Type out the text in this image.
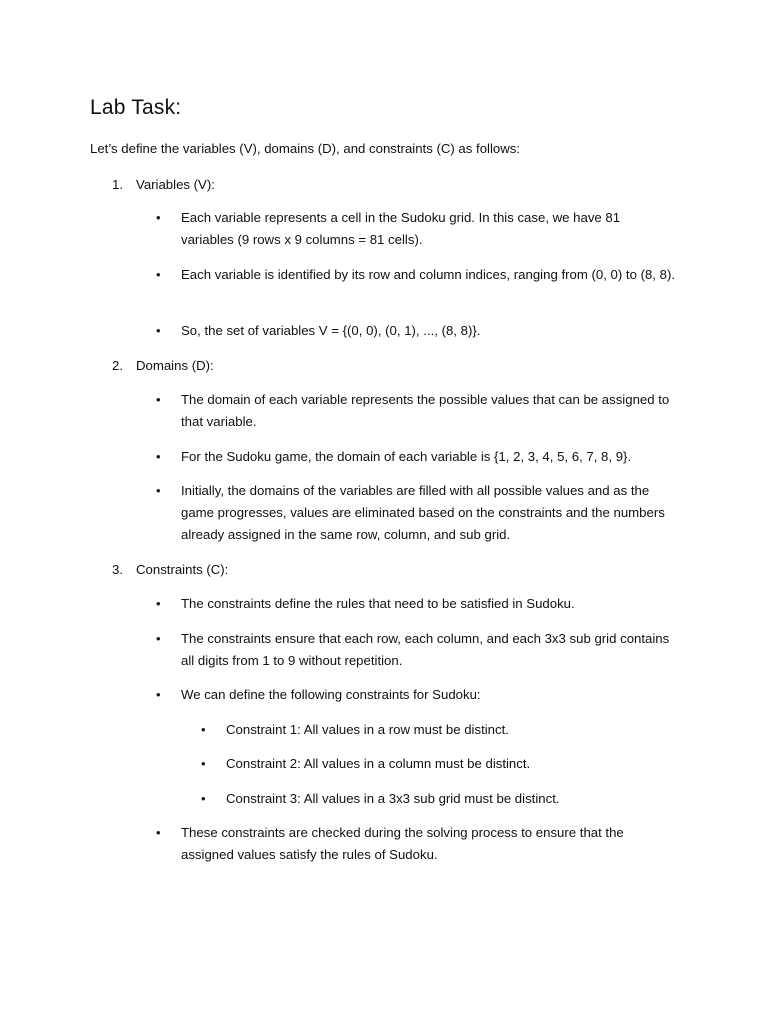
Lab Task:
Let’s define the variables (V), domains (D), and constraints (C) as follows:
1. Variables (V):
•	Each variable represents a cell in the Sudoku grid. In this case, we have 81 variables (9 rows x 9 columns = 81 cells).
•	Each variable is identified by its row and column indices, ranging from (0, 0) to (8, 8).
•	So, the set of variables V = {(0, 0), (0, 1), ..., (8, 8)}.
2. Domains (D):
•	The domain of each variable represents the possible values that can be assigned to that variable.
•	For the Sudoku game, the domain of each variable is {1, 2, 3, 4, 5, 6, 7, 8, 9}.
•	Initially, the domains of the variables are filled with all possible values and as the game progresses, values are eliminated based on the constraints and the numbers already assigned in the same row, column, and sub grid.
3. Constraints (C):
•	The constraints define the rules that need to be satisfied in Sudoku.
•	The constraints ensure that each row, each column, and each 3x3 sub grid contains all digits from 1 to 9 without repetition.
•	We can define the following constraints for Sudoku:
•	Constraint 1: All values in a row must be distinct.
•	Constraint 2: All values in a column must be distinct.
•	Constraint 3: All values in a 3x3 sub grid must be distinct.
•	These constraints are checked during the solving process to ensure that the assigned values satisfy the rules of Sudoku.
